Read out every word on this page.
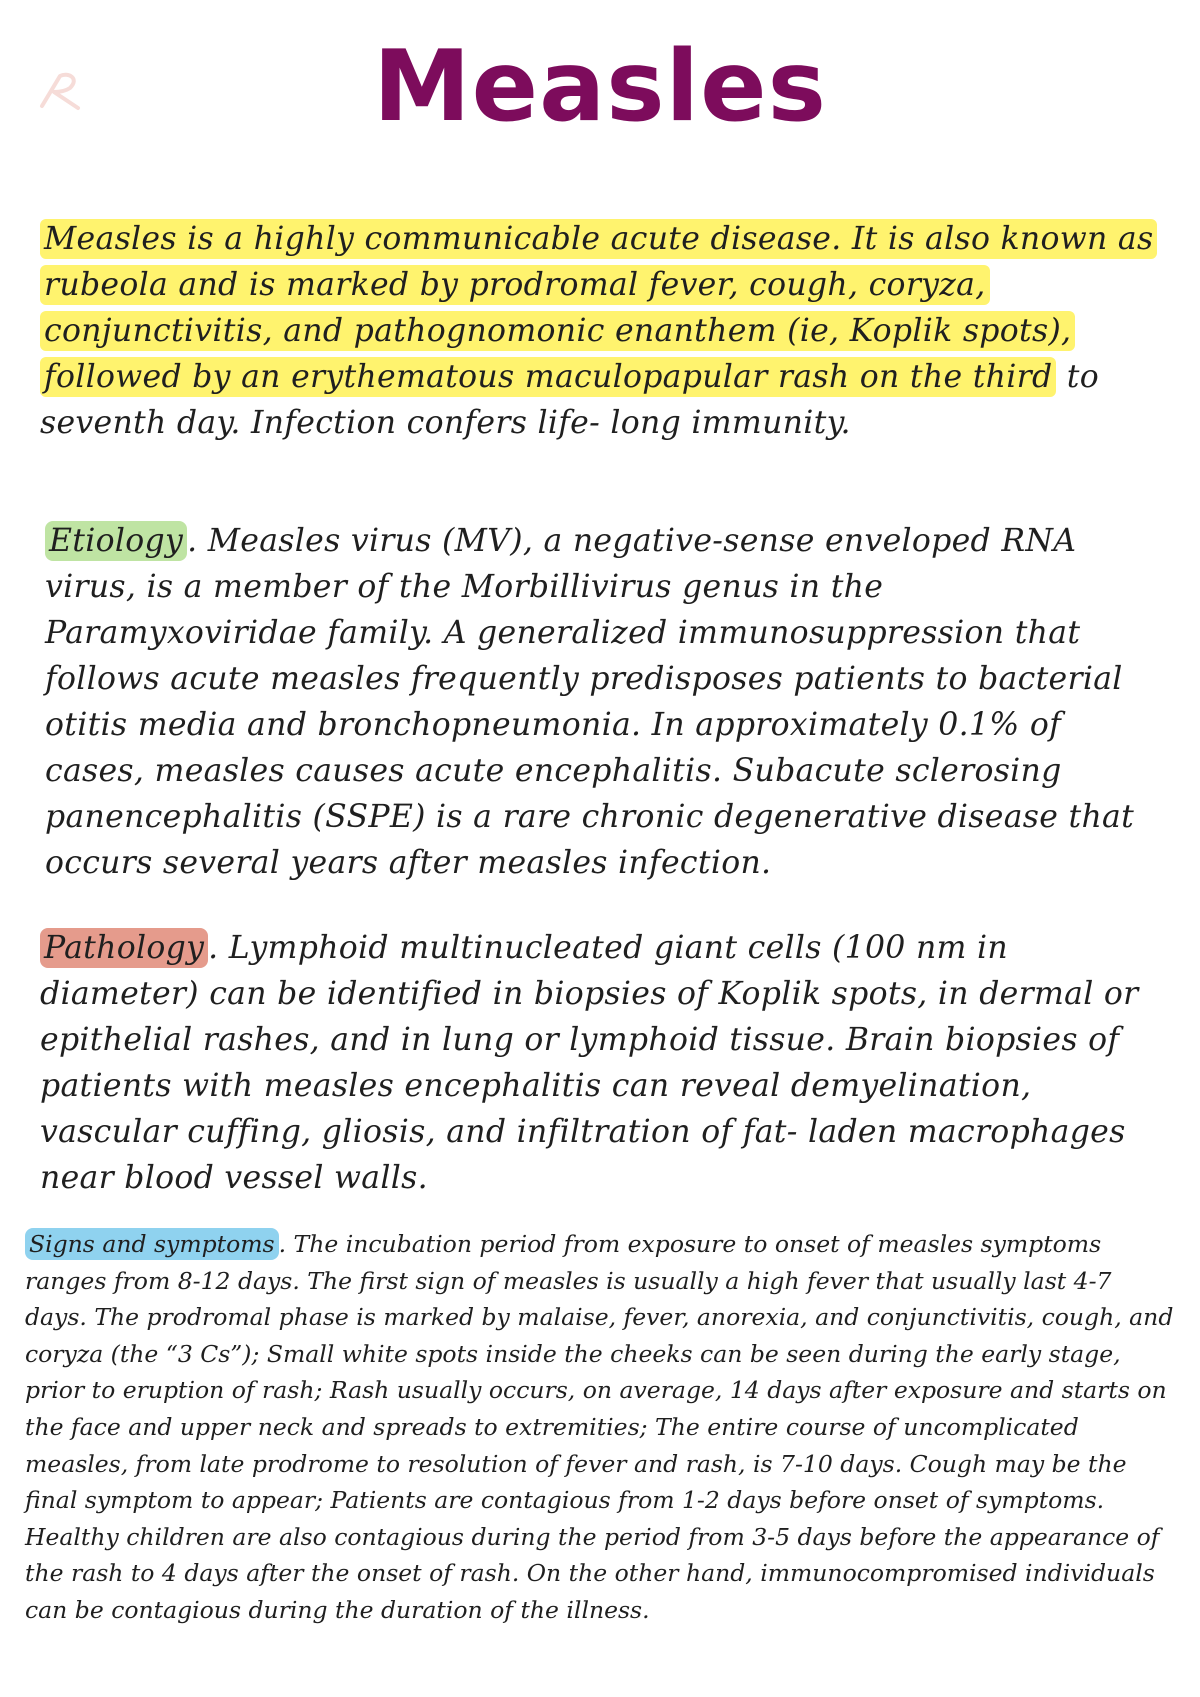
Measles

Measles is a highly communicable acute disease. It is also known as rubeola and is marked by prodromal fever, cough, coryza, conjunctivitis, and pathognomonic enanthem (ie, Koplik spots), followed by an erythematous maculopapular rash on the third to seventh day. Infection confers life- long immunity.

Etiology . Measles virus (MV), a negative-sense enveloped RNA virus, is a member of the Morbillivirus genus in the Paramyxoviridae family. A generalized immunosuppression that follows acute measles frequently predisposes patients to bacterial otitis media and bronchopneumonia. In approximately 0.1% of cases, measles causes acute encephalitis. Subacute sclerosing panencephalitis (SSPE) is a rare chronic degenerative disease that occurs several years after measles infection.

Pathology . Lymphoid multinucleated giant cells (100 nm in diameter) can be identified in biopsies of Koplik spots, in dermal or epithelial rashes, and in lung or lymphoid tissue. Brain biopsies of patients with measles encephalitis can reveal demyelination, vascular cuffing, gliosis, and infiltration of fat- laden macrophages near blood vessel walls.

Signs and symptoms . The incubation period from exposure to onset of measles symptoms ranges from 8-12 days. The first sign of measles is usually a high fever that usually last 4-7 days. The prodromal phase is marked by malaise, fever, anorexia, and conjunctivitis, cough, and coryza (the “3 Cs”); Small white spots inside the cheeks can be seen during the early stage, prior to eruption of rash; Rash usually occurs, on average, 14 days after exposure and starts on the face and upper neck and spreads to extremities; The entire course of uncomplicated measles, from late prodrome to resolution of fever and rash, is 7-10 days. Cough may be the final symptom to appear; Patients are contagious from 1-2 days before onset of symptoms. Healthy children are also contagious during the period from 3-5 days before the appearance of the rash to 4 days after the onset of rash. On the other hand, immunocompromised individuals can be contagious during the duration of the illness.
